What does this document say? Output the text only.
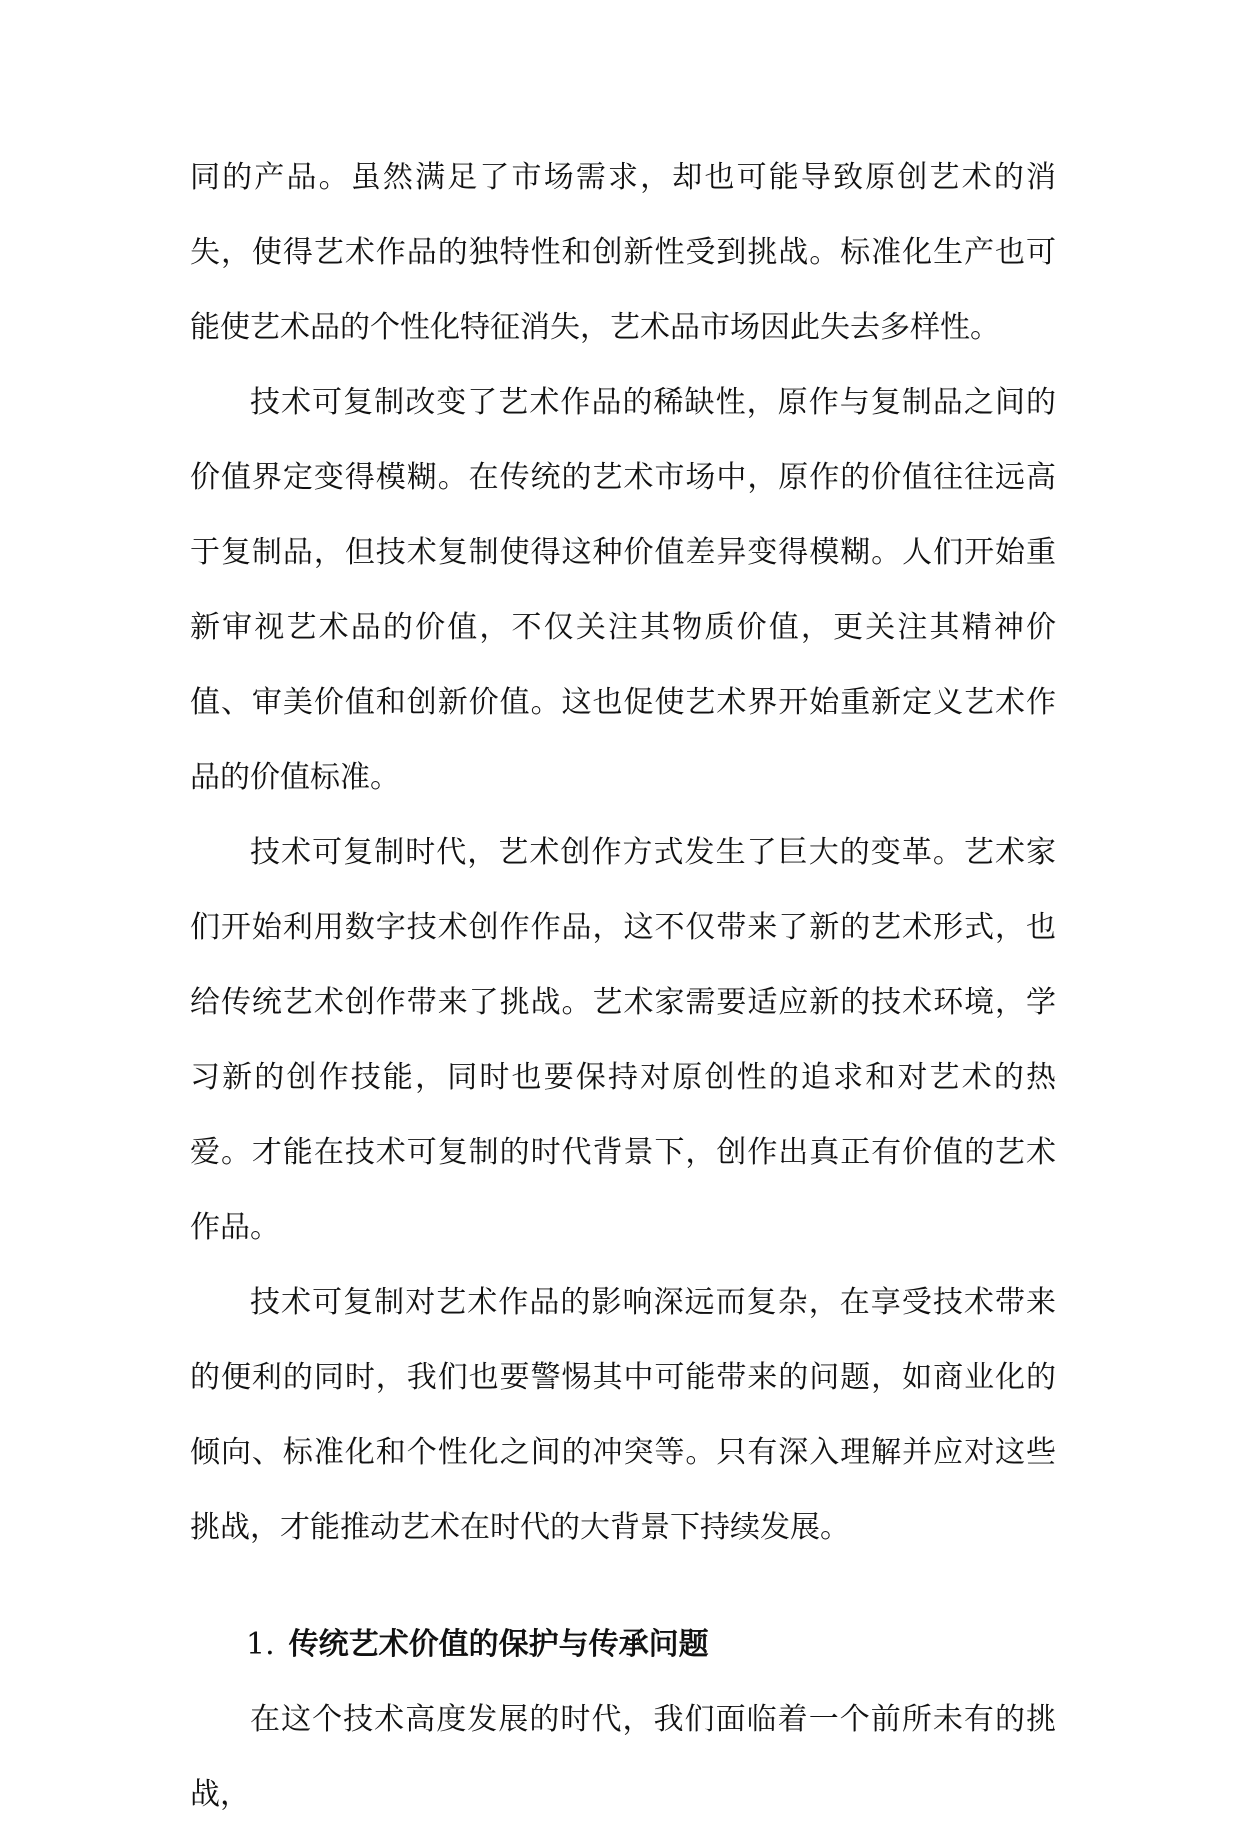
同的产品。虽然满足了市场需求，却也可能导致原创艺术的消失，使得艺术作品的独特性和创新性受到挑战。标准化生产也可能使艺术品的个性化特征消失，艺术品市场因此失去多样性。

技术可复制改变了艺术作品的稀缺性，原作与复制品之间的价值界定变得模糊。在传统的艺术市场中，原作的价值往往远高于复制品，但技术复制使得这种价值差异变得模糊。人们开始重新审视艺术品的价值，不仅关注其物质价值，更关注其精神价值、审美价值和创新价值。这也促使艺术界开始重新定义艺术作品的价值标准。

技术可复制时代，艺术创作方式发生了巨大的变革。艺术家们开始利用数字技术创作作品，这不仅带来了新的艺术形式，也给传统艺术创作带来了挑战。艺术家需要适应新的技术环境，学习新的创作技能，同时也要保持对原创性的追求和对艺术的热爱。才能在技术可复制的时代背景下，创作出真正有价值的艺术作品。

技术可复制对艺术作品的影响深远而复杂，在享受技术带来的便利的同时，我们也要警惕其中可能带来的问题，如商业化的倾向、标准化和个性化之间的冲突等。只有深入理解并应对这些挑战，才能推动艺术在时代的大背景下持续发展。

1. 传统艺术价值的保护与传承问题

在这个技术高度发展的时代，我们面临着一个前所未有的挑战，
